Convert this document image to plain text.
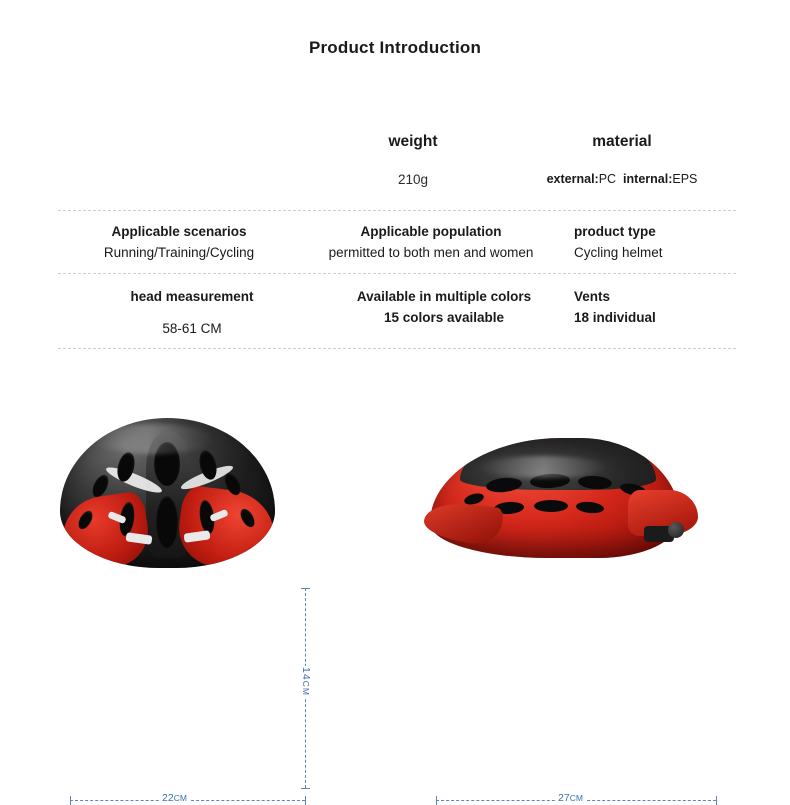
Product Introduction
weight
210g
material
external:PC internal:EPS
Applicable scenarios
Running/Training/Cycling
Applicable population
permitted to both men and women
product type
Cycling helmet
head measurement
58-61 CM
Available in multiple colors
15 colors available
Vents
18 individual
14CM
22CM	27CM
